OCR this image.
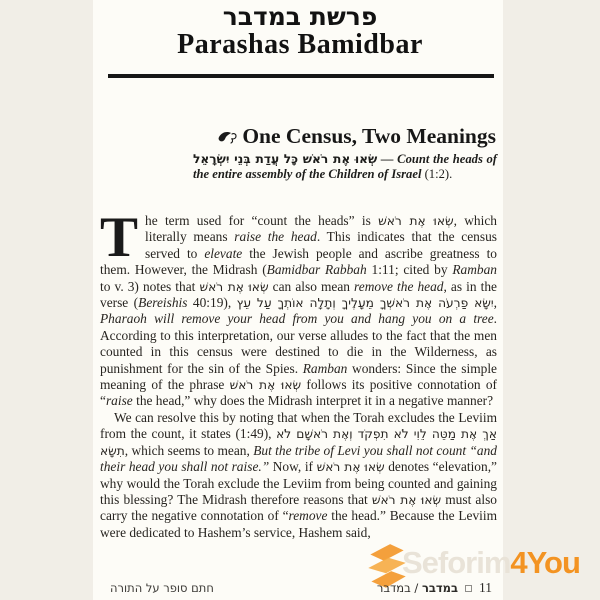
פרשת במדבר
Parashas Bamidbar
One Census, Two Meanings
שְׂאוּ אֶת רֹאשׁ כָּל עֲדַת בְּנֵי יִשְׂרָאֵל — Count the heads of the entire assembly of the Children of Israel (1:2).

The term used for “count the heads” is שְׂאוּ אֶת רֹאשׁ, which literally means raise the head. This indicates that the census served to elevate the Jewish people and ascribe greatness to them. However, the Midrash (Bamidbar Rabbah 1:11; cited by Ramban to v. 3) notes that שְׂאוּ אֶת רֹאשׁ can also mean remove the head, as in the verse (Bereishis 40:19), יִשָּׂא פַרְעֹה אֶת רֹאשְׁךָ מֵעָלֶיךָ וְתָלָה אוֹתְךָ עַל עֵץ, Pharaoh will remove your head from you and hang you on a tree. According to this interpretation, our verse alludes to the fact that the men counted in this census were destined to die in the Wilderness, as punishment for the sin of the Spies. Ramban wonders: Since the simple meaning of the phrase שְׂאוּ אֶת רֹאשׁ follows its positive connotation of “raise the head,” why does the Midrash interpret it in a negative manner?

We can resolve this by noting that when the Torah excludes the Leviim from the count, it states (1:49), אַךְ אֶת מַטֵּה לֵוִי לֹא תִפְקֹד וְאֶת רֹאשָׁם לֹא תִשָּׂא, which seems to mean, But the tribe of Levi you shall not count “and their head you shall not raise.” Now, if שְׂאוּ אֶת רֹאשׁ denotes “elevation,” why would the Torah exclude the Leviim from being counted and gaining this blessing? The Midrash therefore reasons that שְׂאוּ אֶת רֹאשׁ must also carry the negative connotation of “remove the head.” Because the Leviim were dedicated to Hashem’s service, Hashem said,

חתם סופר על התורה	במדבר / במדבר	11
Seforim4You
